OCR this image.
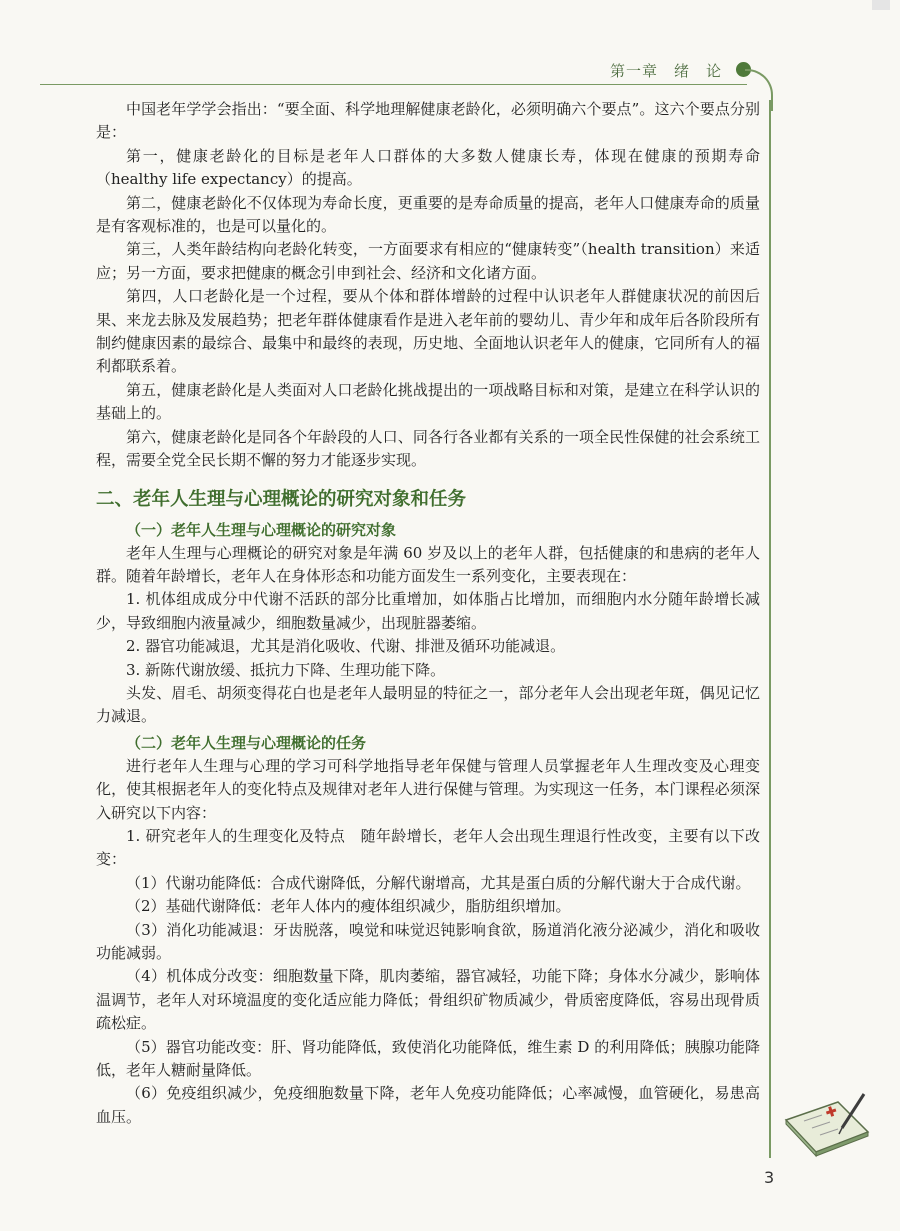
第一章　绪　论

中国老年学学会指出：“要全面、科学地理解健康老龄化，必须明确六个要点”。这六个要点分别是：

第一，健康老龄化的目标是老年人口群体的大多数人健康长寿，体现在健康的预期寿命（healthy life expectancy）的提高。

第二，健康老龄化不仅体现为寿命长度，更重要的是寿命质量的提高，老年人口健康寿命的质量是有客观标准的，也是可以量化的。

第三，人类年龄结构向老龄化转变，一方面要求有相应的“健康转变”（health transition）来适应；另一方面，要求把健康的概念引申到社会、经济和文化诸方面。

第四，人口老龄化是一个过程，要从个体和群体增龄的过程中认识老年人群健康状况的前因后果、来龙去脉及发展趋势；把老年群体健康看作是进入老年前的婴幼儿、青少年和成年后各阶段所有制约健康因素的最综合、最集中和最终的表现，历史地、全面地认识老年人的健康，它同所有人的福利都联系着。

第五，健康老龄化是人类面对人口老龄化挑战提出的一项战略目标和对策，是建立在科学认识的基础上的。

第六，健康老龄化是同各个年龄段的人口、同各行各业都有关系的一项全民性保健的社会系统工程，需要全党全民长期不懈的努力才能逐步实现。

二、老年人生理与心理概论的研究对象和任务
（一）老年人生理与心理概论的研究对象

老年人生理与心理概论的研究对象是年满 60 岁及以上的老年人群，包括健康的和患病的老年人群。随着年龄增长，老年人在身体形态和功能方面发生一系列变化，主要表现在：

1. 机体组成成分中代谢不活跃的部分比重增加，如体脂占比增加，而细胞内水分随年龄增长减少，导致细胞内液量减少，细胞数量减少，出现脏器萎缩。

2. 器官功能减退，尤其是消化吸收、代谢、排泄及循环功能减退。

3. 新陈代谢放缓、抵抗力下降、生理功能下降。

头发、眉毛、胡须变得花白也是老年人最明显的特征之一，部分老年人会出现老年斑，偶见记忆力减退。

（二）老年人生理与心理概论的任务

进行老年人生理与心理的学习可科学地指导老年保健与管理人员掌握老年人生理改变及心理变化，使其根据老年人的变化特点及规律对老年人进行保健与管理。为实现这一任务，本门课程必须深入研究以下内容：

1. 研究老年人的生理变化及特点　随年龄增长，老年人会出现生理退行性改变，主要有以下改变：

（1）代谢功能降低：合成代谢降低，分解代谢增高，尤其是蛋白质的分解代谢大于合成代谢。

（2）基础代谢降低：老年人体内的瘦体组织减少，脂肪组织增加。

（3）消化功能减退：牙齿脱落，嗅觉和味觉迟钝影响食欲，肠道消化液分泌减少，消化和吸收功能减弱。

（4）机体成分改变：细胞数量下降，肌肉萎缩，器官减轻，功能下降；身体水分减少，影响体温调节，老年人对环境温度的变化适应能力降低；骨组织矿物质减少，骨质密度降低，容易出现骨质疏松症。

（5）器官功能改变：肝、肾功能降低，致使消化功能降低，维生素 D 的利用降低；胰腺功能降低，老年人糖耐量降低。

（6）免疫组织减少，免疫细胞数量下降，老年人免疫功能降低；心率减慢，血管硬化，易患高血压。

3
